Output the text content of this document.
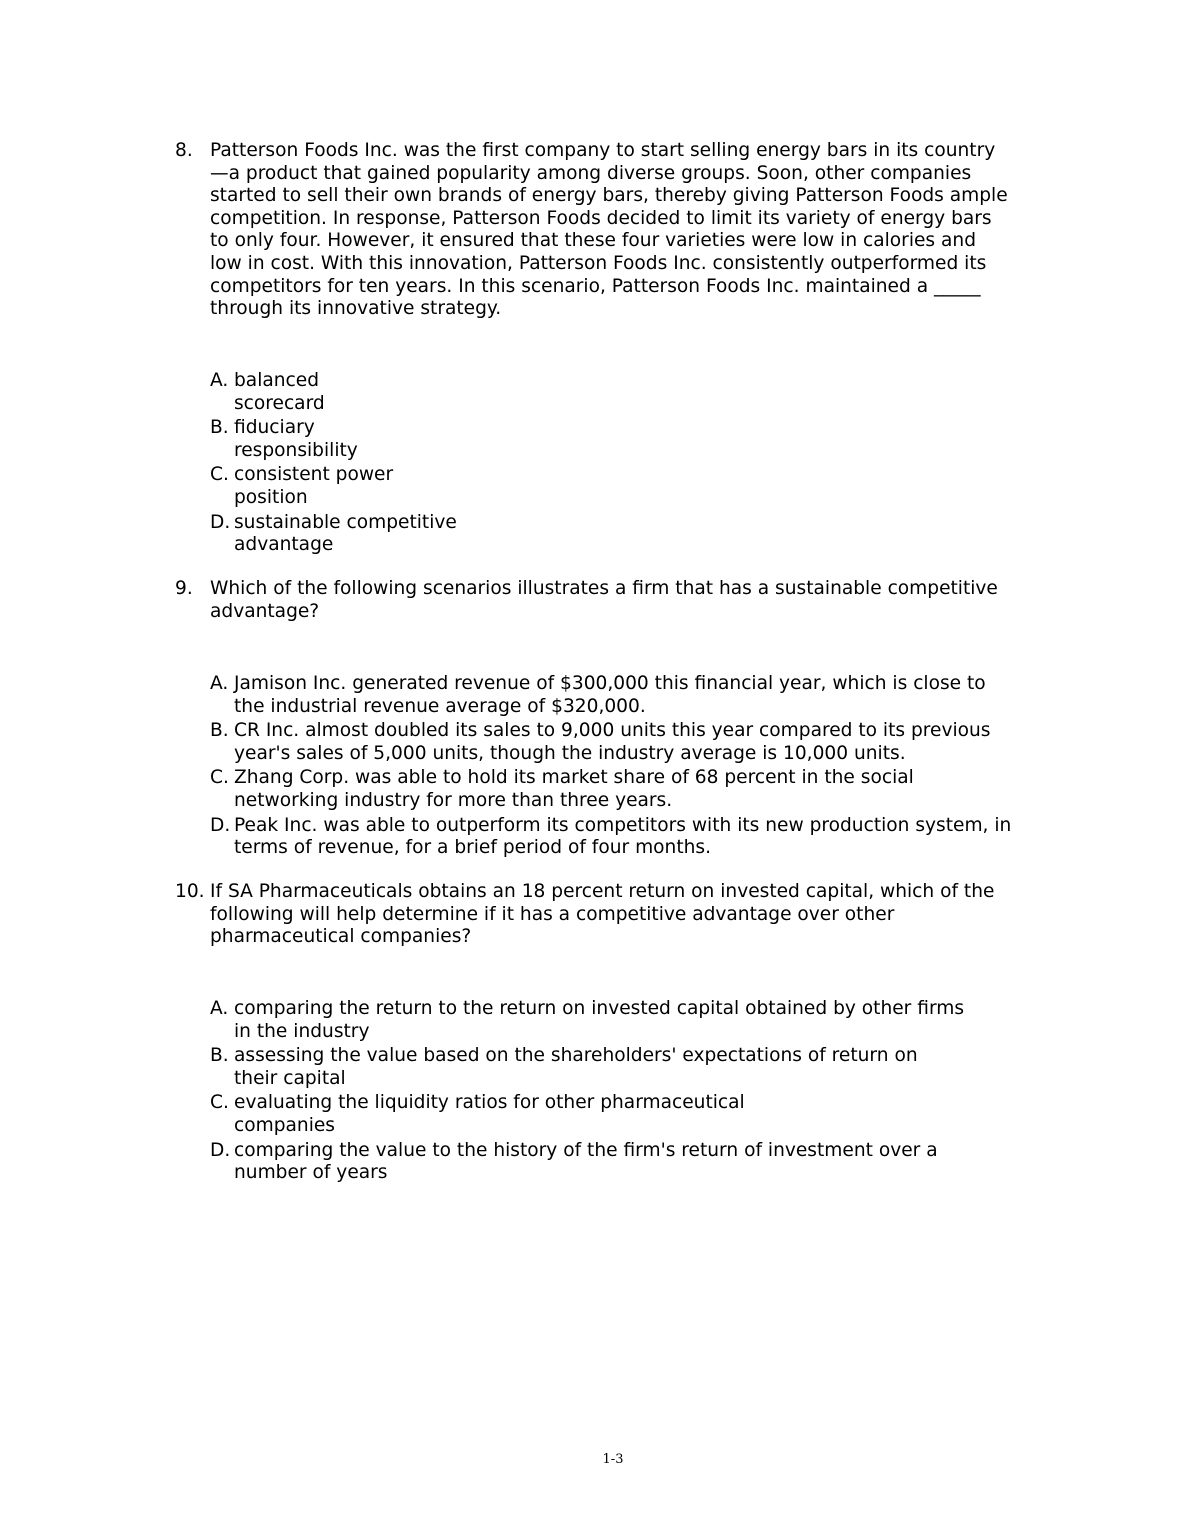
8. Patterson Foods Inc. was the first company to start selling energy bars in its country
—a product that gained popularity among diverse groups. Soon, other companies
started to sell their own brands of energy bars, thereby giving Patterson Foods ample
competition. In response, Patterson Foods decided to limit its variety of energy bars
to only four. However, it ensured that these four varieties were low in calories and
low in cost. With this innovation, Patterson Foods Inc. consistently outperformed its
competitors for ten years. In this scenario, Patterson Foods Inc. maintained a _____
through its innovative strategy.
A. balanced
scorecard
B. fiduciary
responsibility
C. consistent power
position
D. sustainable competitive
advantage
9. Which of the following scenarios illustrates a firm that has a sustainable competitive
advantage?
A. Jamison Inc. generated revenue of $300,000 this financial year, which is close to
the industrial revenue average of $320,000.
B. CR Inc. almost doubled its sales to 9,000 units this year compared to its previous
year's sales of 5,000 units, though the industry average is 10,000 units.
C. Zhang Corp. was able to hold its market share of 68 percent in the social
networking industry for more than three years.
D. Peak Inc. was able to outperform its competitors with its new production system, in
terms of revenue, for a brief period of four months.
10. If SA Pharmaceuticals obtains an 18 percent return on invested capital, which of the
following will help determine if it has a competitive advantage over other
pharmaceutical companies?
A. comparing the return to the return on invested capital obtained by other firms
in the industry
B. assessing the value based on the shareholders' expectations of return on
their capital
C. evaluating the liquidity ratios for other pharmaceutical
companies
D. comparing the value to the history of the firm's return of investment over a
number of years
1-3
